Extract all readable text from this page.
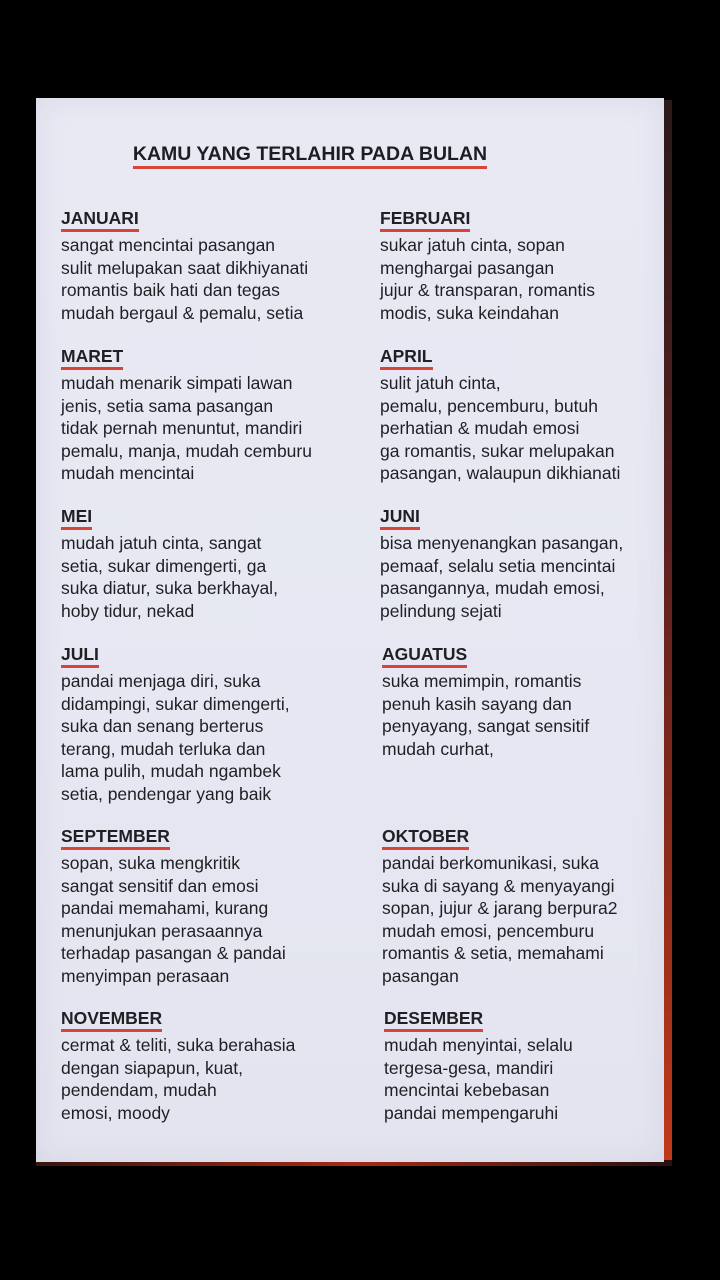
KAMU YANG TERLAHIR PADA BULAN
JANUARI
sangat mencintai pasangan
sulit melupakan saat dikhiyanati
romantis baik hati dan tegas
mudah bergaul & pemalu, setia
MARET
mudah menarik simpati lawan
jenis, setia sama pasangan
tidak pernah menuntut, mandiri
pemalu, manja, mudah cemburu
mudah mencintai
MEI
mudah jatuh cinta, sangat
setia, sukar dimengerti, ga
suka diatur, suka berkhayal,
hoby tidur, nekad
JULI
pandai menjaga diri, suka
didampingi, sukar dimengerti,
suka dan senang berterus
terang, mudah terluka dan
lama pulih, mudah ngambek
setia, pendengar yang baik
SEPTEMBER
sopan, suka mengkritik
sangat sensitif dan emosi
pandai memahami, kurang
menunjukan perasaannya
terhadap pasangan & pandai
menyimpan perasaan
NOVEMBER
cermat & teliti, suka berahasia
dengan siapapun, kuat,
pendendam, mudah
emosi, moody
FEBRUARI
sukar jatuh cinta, sopan
menghargai pasangan
jujur & transparan, romantis
modis, suka keindahan
APRIL
sulit jatuh cinta,
pemalu, pencemburu, butuh
perhatian & mudah emosi
ga romantis, sukar melupakan
pasangan, walaupun dikhianati
JUNI
bisa menyenangkan pasangan,
pemaaf, selalu setia mencintai
pasangannya, mudah emosi,
pelindung sejati
AGUATUS
suka memimpin, romantis
penuh kasih sayang dan
penyayang, sangat sensitif
mudah curhat,
OKTOBER
pandai berkomunikasi, suka
suka di sayang & menyayangi
sopan, jujur & jarang berpura2
mudah emosi, pencemburu
romantis & setia, memahami
pasangan
DESEMBER
mudah menyintai, selalu
tergesa-gesa, mandiri
mencintai kebebasan
pandai mempengaruhi
